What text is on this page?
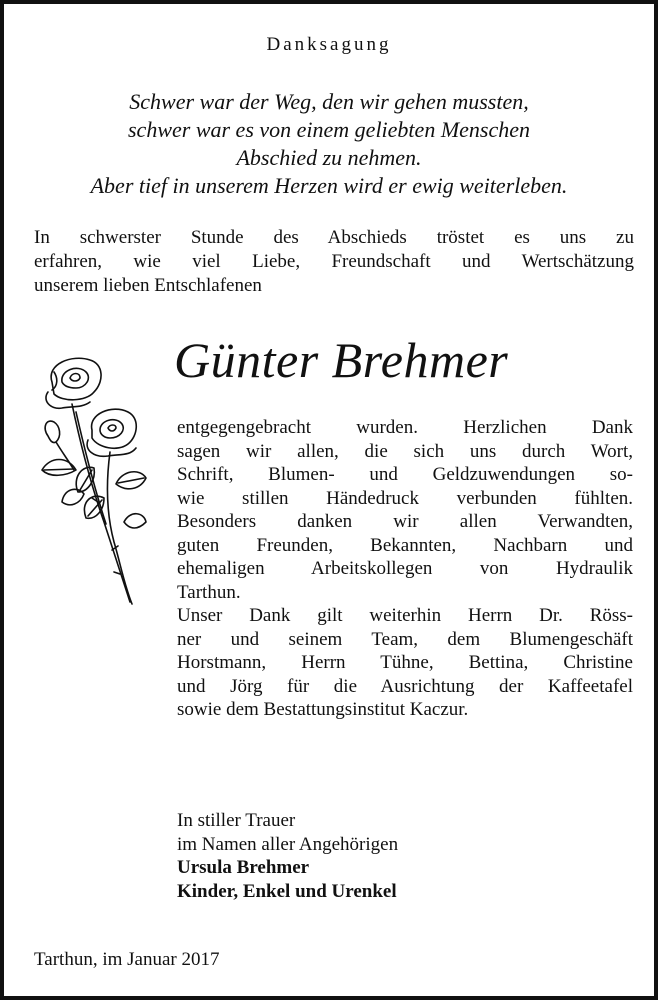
Danksagung
Schwer war der Weg, den wir gehen mussten,
schwer war es von einem geliebten Menschen
Abschied zu nehmen.
Aber tief in unserem Herzen wird er ewig weiterleben.
In schwerster Stunde des Abschieds tröstet es uns zu
erfahren, wie viel Liebe, Freundschaft und Wertschätzung
unserem lieben Entschlafenen
Günter Brehmer
entgegengebracht wurden. Herzlichen Dank
sagen wir allen, die sich uns durch Wort,
Schrift, Blumen- und Geldzuwendungen so-
wie stillen Händedruck verbunden fühlten.
Besonders danken wir allen Verwandten,
guten Freunden, Bekannten, Nachbarn und
ehemaligen Arbeitskollegen von Hydraulik
Tarthun.
Unser Dank gilt weiterhin Herrn Dr. Röss-
ner und seinem Team, dem Blumengeschäft
Horstmann, Herrn Tühne, Bettina, Christine
und Jörg für die Ausrichtung der Kaffeetafel
sowie dem Bestattungsinstitut Kaczur.
In stiller Trauer
im Namen aller Angehörigen
Ursula Brehmer
Kinder, Enkel und Urenkel
Tarthun, im Januar 2017
